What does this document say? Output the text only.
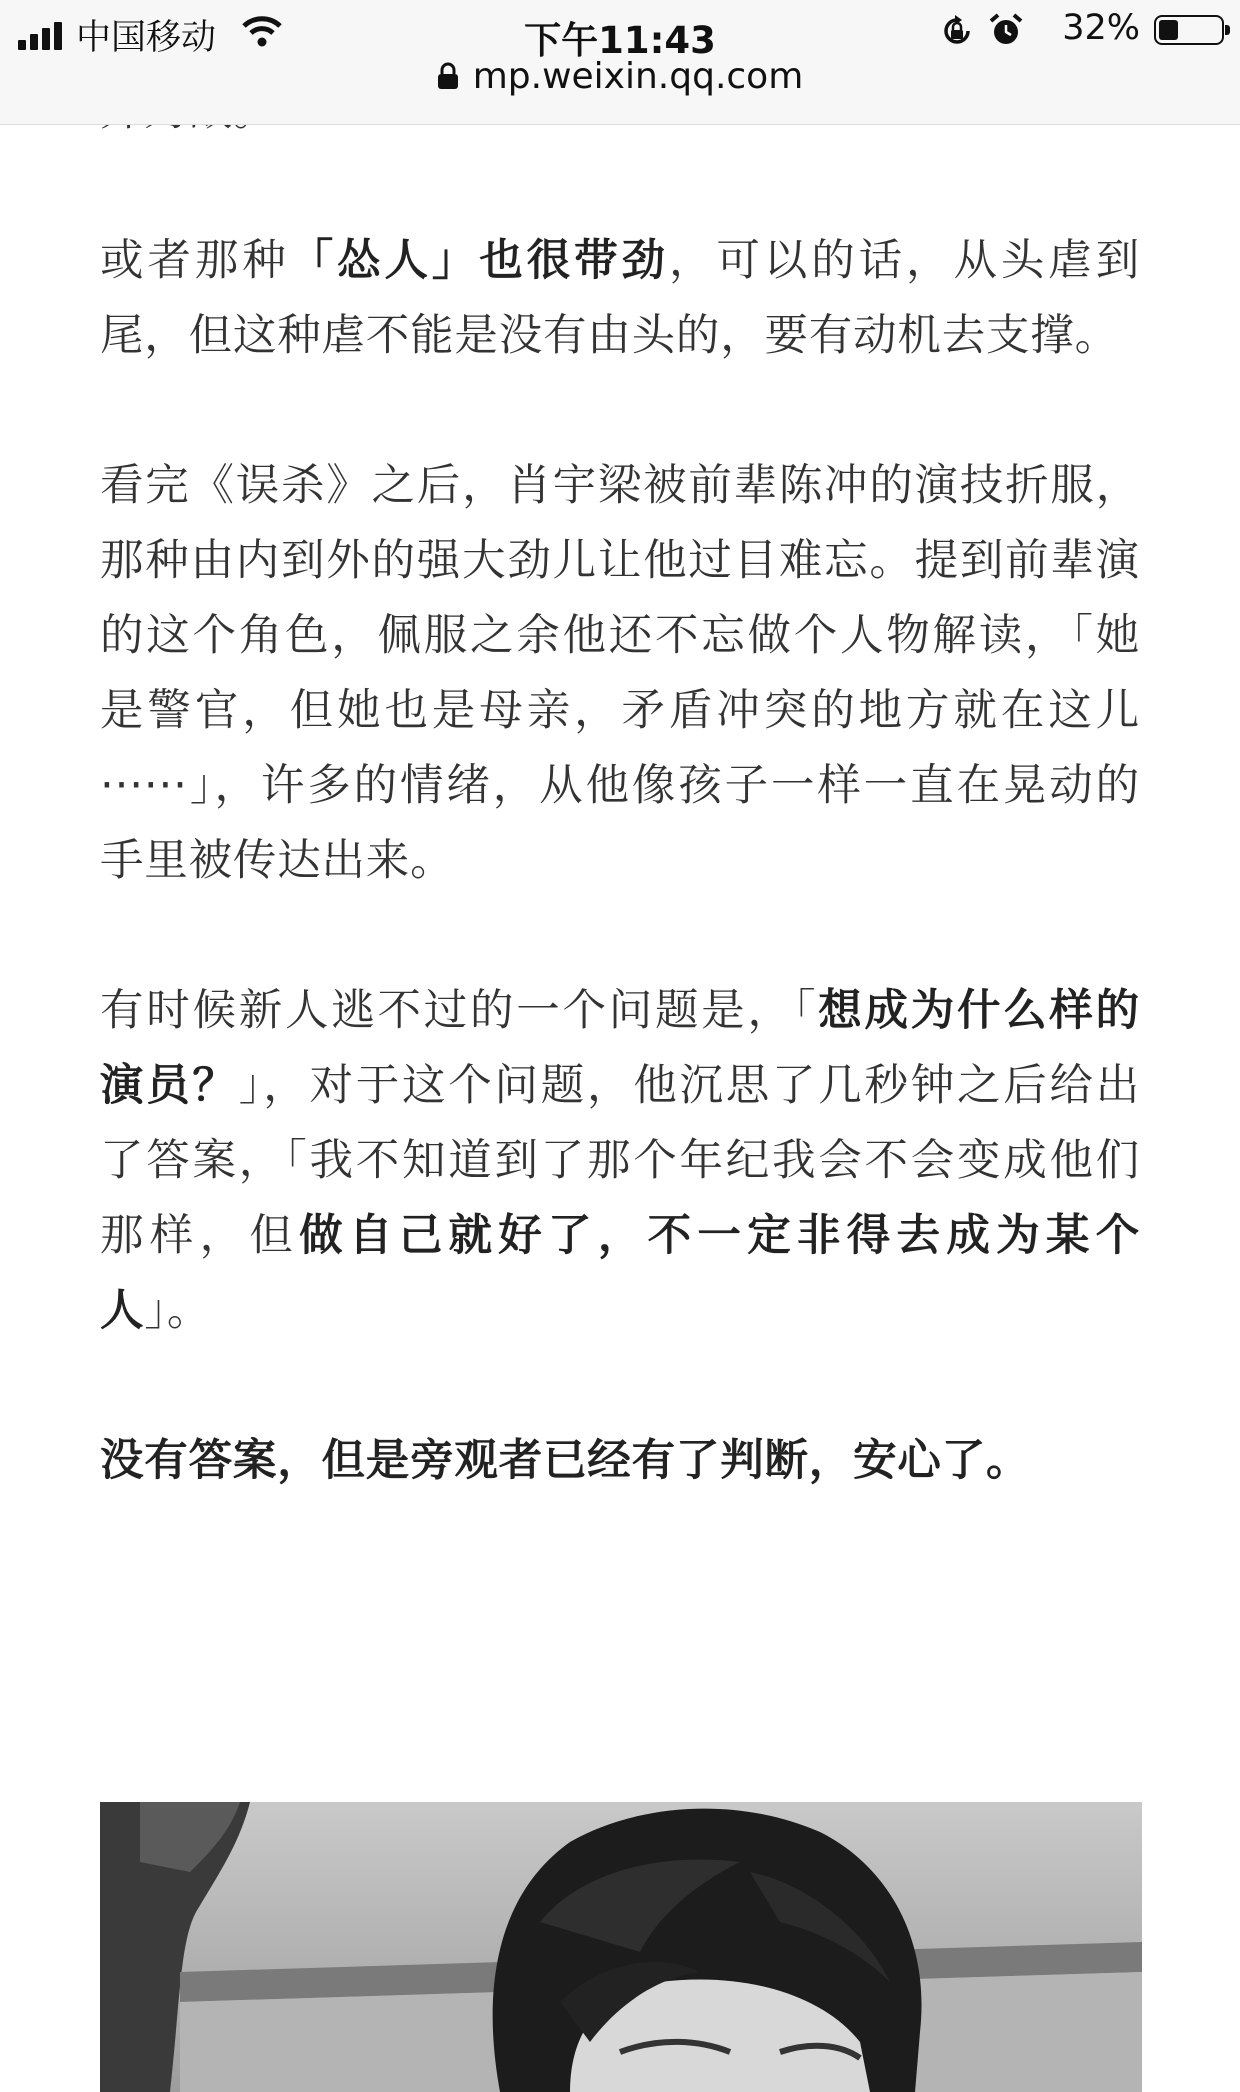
中国移动	下午11:43	32%
mp.weixin.qq.com

或者那种「怂人」也很带劲，可以的话，从头虐到尾，但这种虐不能是没有由头的，要有动机去支撑。

看完《误杀》之后，肖宇梁被前辈陈冲的演技折服，那种由内到外的强大劲儿让他过目难忘。提到前辈演的这个角色，佩服之余他还不忘做个人物解读，「她是警官，但她也是母亲，矛盾冲突的地方就在这儿······」，许多的情绪，从他像孩子一样一直在晃动的手里被传达出来。

有时候新人逃不过的一个问题是，「想成为什么样的演员？」，对于这个问题，他沉思了几秒钟之后给出了答案，「我不知道到了那个年纪我会不会变成他们那样，但做自己就好了，不一定非得去成为某个人」。

没有答案，但是旁观者已经有了判断，安心了。
